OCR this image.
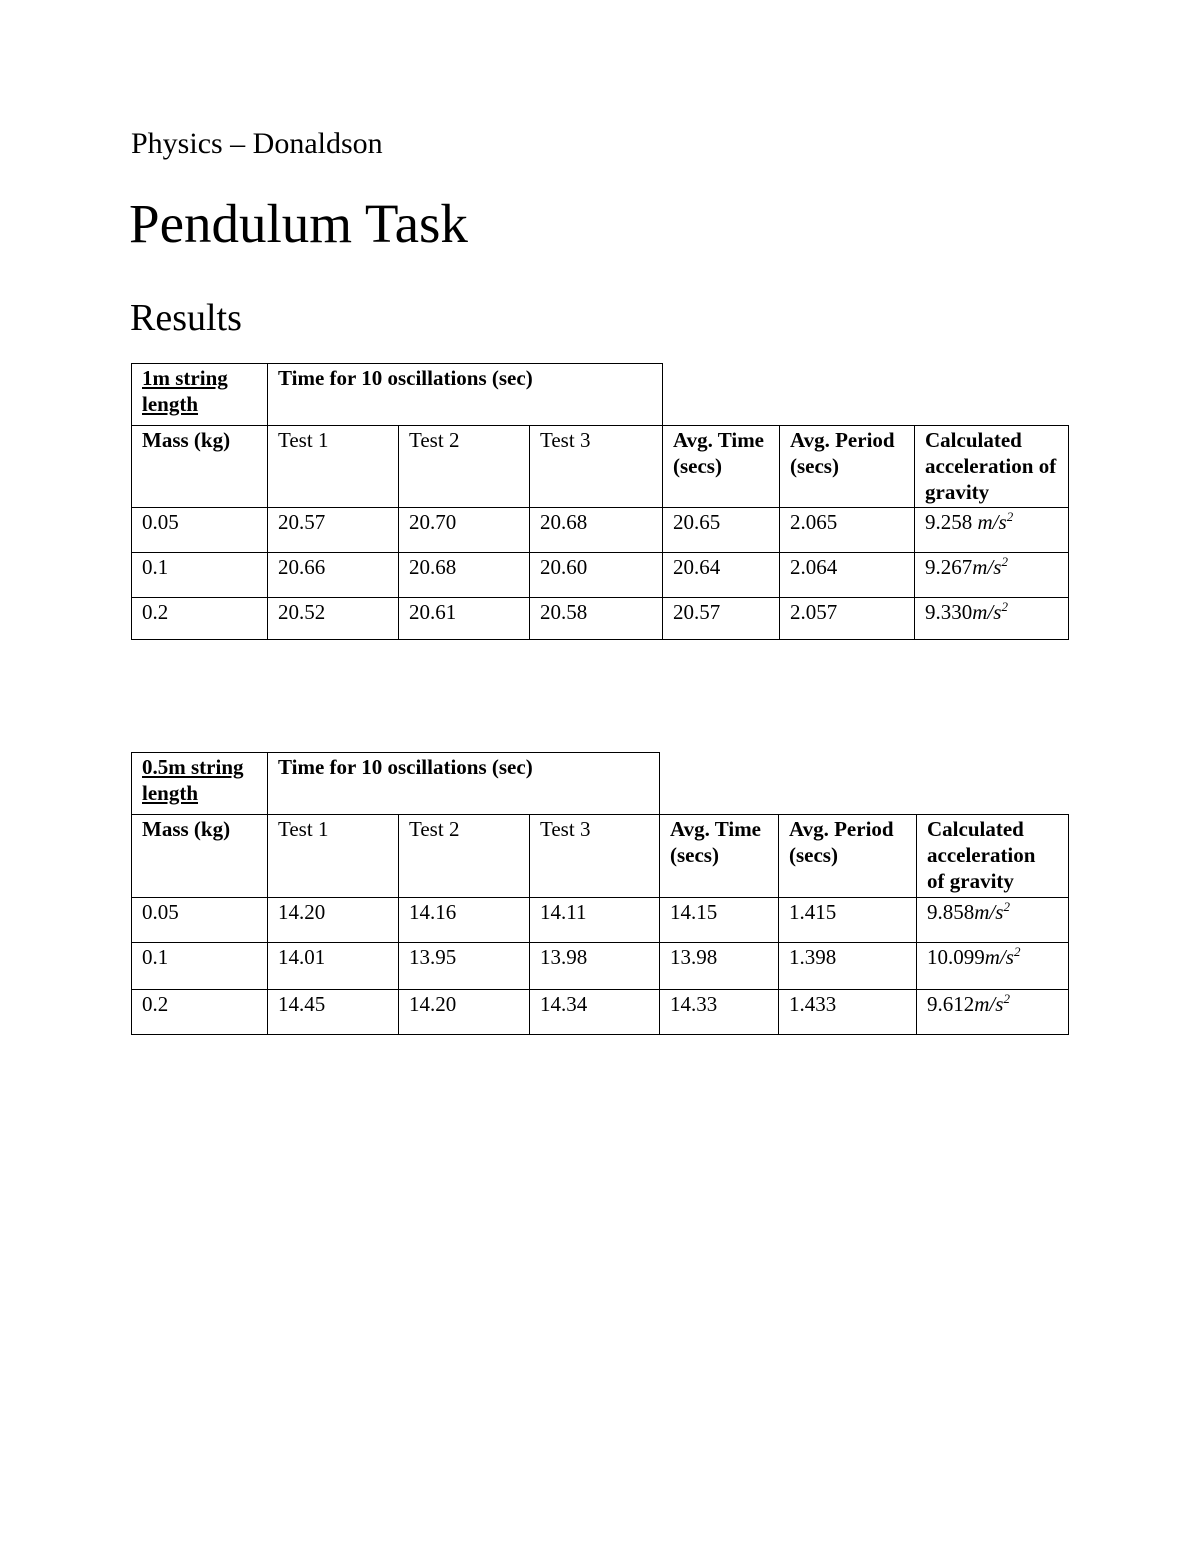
Physics – Donaldson
Pendulum Task
Results
1m string length	Time for 10 oscillations (sec)					
Mass (kg)	Test 1	Test 2	Test 3	Avg. Time (secs)	Avg. Period (secs)	Calculated acceleration of gravity
0.05	20.57	20.70	20.68	20.65	2.065	9.258 $m/s^2$
0.1	20.66	20.68	20.60	20.64	2.064	$9.267m/s^2$
0.2	20.52	20.61	20.58	20.57	2.057	$9.330m/s^2$
0.5m string length	Time for 10 oscillations (sec)					
Mass (kg)	Test 1	Test 2	Test 3	Avg. Time (secs)	Avg. Period (secs)	Calculated acceleration of gravity
0.05	14.20	14.16	14.11	14.15	1.415	$9.858m/s^2$
0.1	14.01	13.95	13.98	13.98	1.398	$10.099m/s^2$
0.2	14.45	14.20	14.34	14.33	1.433	$9.612m/s^2$
